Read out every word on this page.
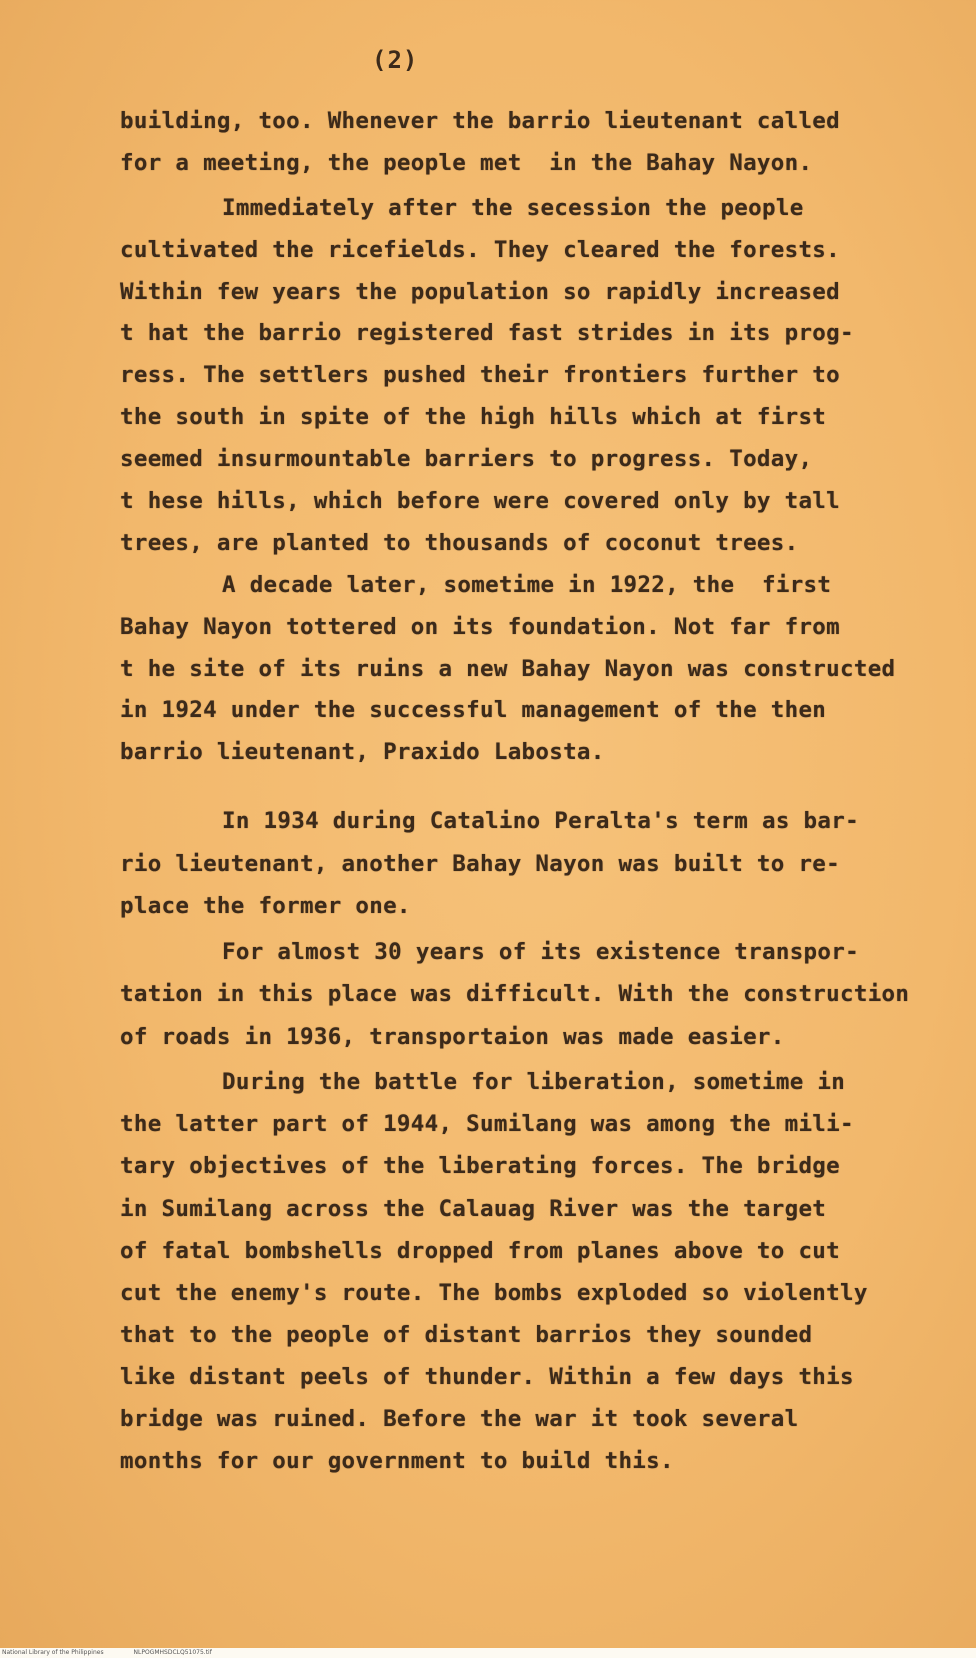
(2)
building, too. Whenever the barrio lieutenant called
for a meeting, the people met  in the Bahay Nayon.
Immediately after the secession the people
cultivated the ricefields. They cleared the forests.
Within few years the population so rapidly increased
t hat the barrio registered fast strides in its prog-
ress. The settlers pushed their frontiers further to
the south in spite of the high hills which at first
seemed insurmountable barriers to progress. Today,
t hese hills, which before were covered only by tall
trees, are planted to thousands of coconut trees.
A decade later, sometime in 1922, the  first
Bahay Nayon tottered on its foundation. Not far from
t he site of its ruins a new Bahay Nayon was constructed
in 1924 under the successful management of the then
barrio lieutenant, Praxido Labosta.
In 1934 during Catalino Peralta's term as bar-
rio lieutenant, another Bahay Nayon was built to re-
place the former one.
For almost 30 years of its existence transpor-
tation in this place was difficult. With the construction
of roads in 1936, transportaion was made easier.
During the battle for liberation, sometime in
the latter part of 1944, Sumilang was among the mili-
tary objectives of the liberating forces. The bridge
in Sumilang across the Calauag River was the target
of fatal bombshells dropped from planes above to cut
cut the enemy's route. The bombs exploded so violently
that to the people of distant barrios they sounded
like distant peels of thunder. Within a few days this
bridge was ruined. Before the war it took several
months for our government to build this.
National Library of the Philippines	NLPOGMHSDCLQ51075.tif
